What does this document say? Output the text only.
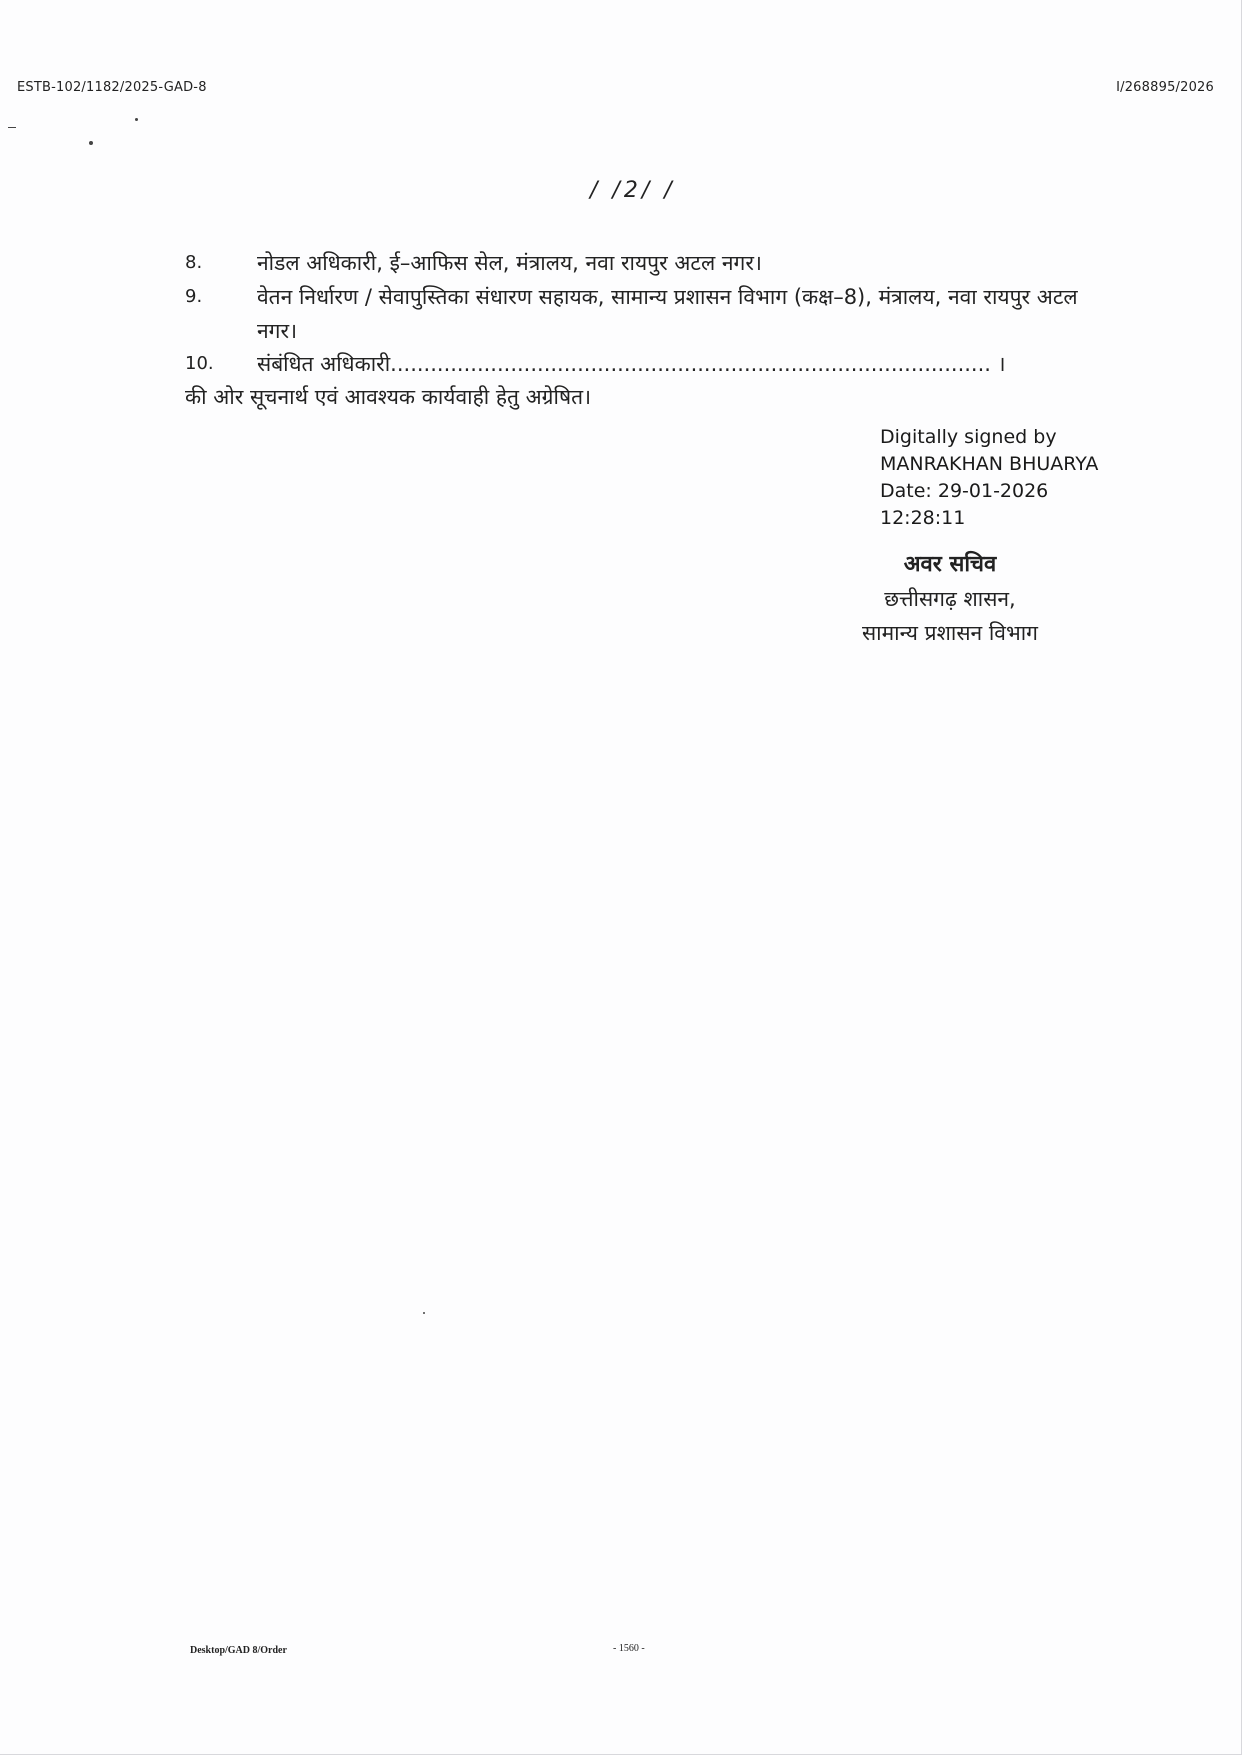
ESTB-102/1182/2025-GAD-8	I/268895/2026
/ /2/ /
8.	नोडल अधिकारी, ई–आफिस सेल, मंत्रालय, नवा रायपुर अटल नगर।
9.	वेतन निर्धारण / सेवापुस्तिका संधारण सहायक, सामान्य प्रशासन विभाग (कक्ष–8), मंत्रालय, नवा रायपुर अटल नगर।
10.	संबंधित अधिकारी.......................................................................................... ।
की ओर सूचनार्थ एवं आवश्यक कार्यवाही हेतु अग्रेषित।
Digitally signed by
MANRAKHAN BHUARYA
Date: 29-01-2026
12:28:11
अवर सचिव
छत्तीसगढ़ शासन,
सामान्य प्रशासन विभाग
Desktop/GAD 8/Order	- 1560 -
